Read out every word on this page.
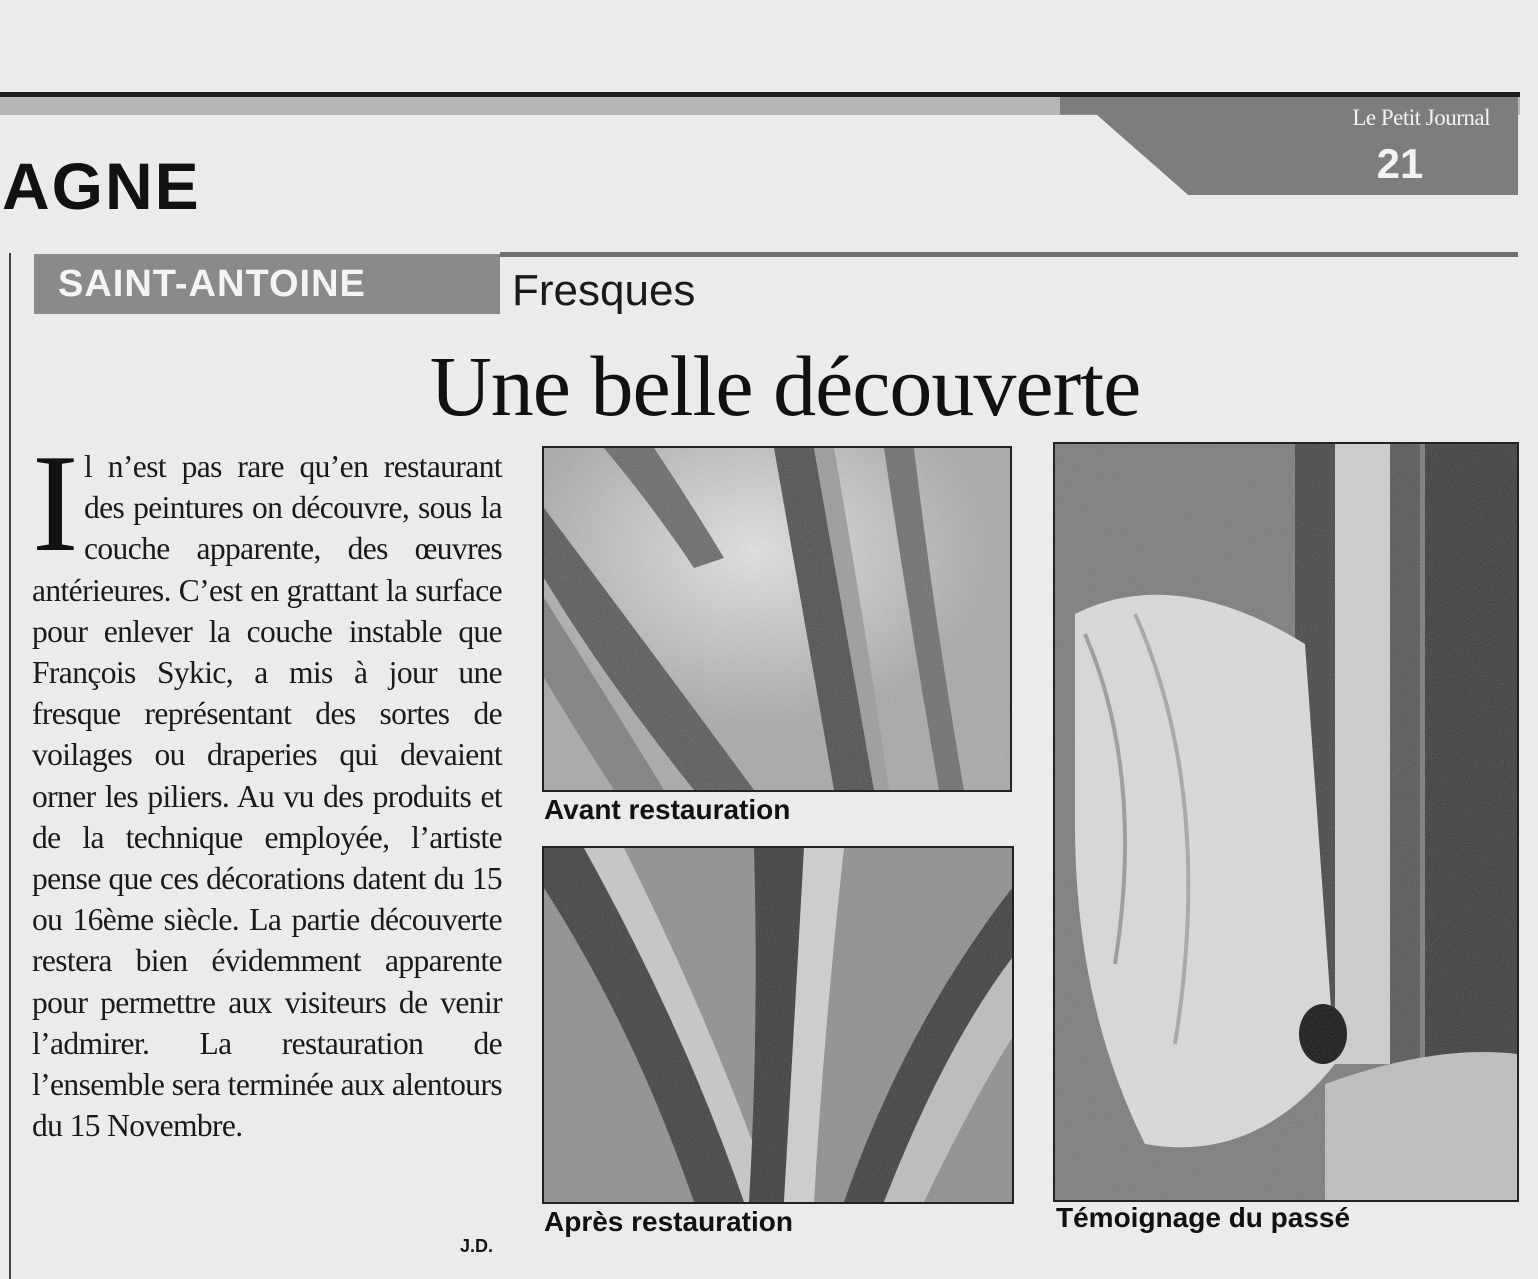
Le Petit Journal
21
AGNE
SAINT-ANTOINE	Fresques
Une belle découverte
Il n’est pas rare qu’en restaurant des peintures on découvre, sous la couche apparente, des œuvres antérieures. C’est en grattant la surface pour enlever la couche instable que François Sykic, a mis à jour une fresque représentant des sortes de voilages ou draperies qui devaient orner les piliers. Au vu des produits et de la technique employée, l’artiste pense que ces décorations datent du 15 ou 16ème siècle. La partie découverte restera bien évidemment apparente pour permettre aux visiteurs de venir l’admirer. La restauration de l’ensemble sera terminée aux alentours du 15 Novembre.
J.D.
Avant restauration
Après restauration	Témoignage du passé
